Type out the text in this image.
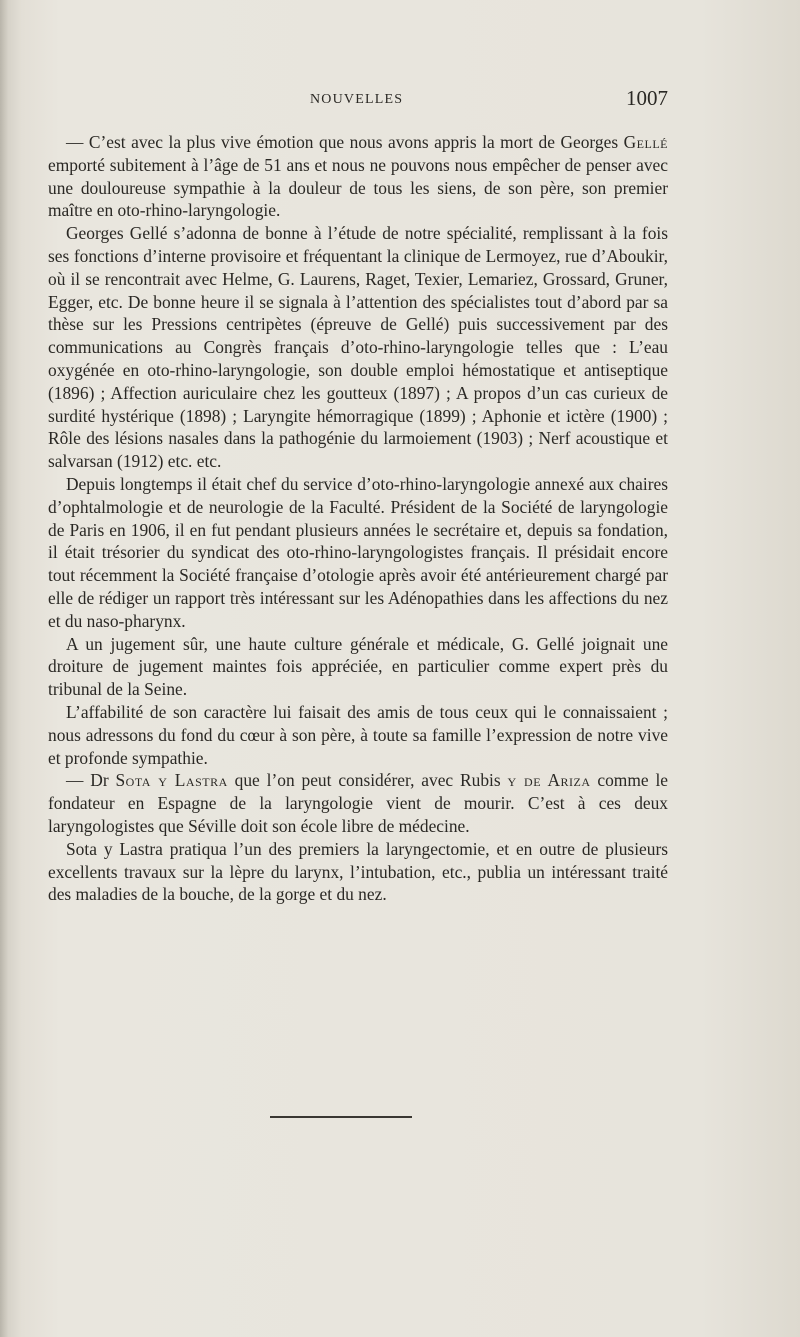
NOUVELLES	1007

— C’est avec la plus vive émotion que nous avons appris la mort de Georges Gellé emporté subitement à l’âge de 51 ans et nous ne pouvons nous empêcher de penser avec une douloureuse sympathie à la douleur de tous les siens, de son père, son premier maître en oto-rhino-laryngologie.

Georges Gellé s’adonna de bonne à l’étude de notre spécialité, remplissant à la fois ses fonctions d’interne provisoire et fréquentant la clinique de Lermoyez, rue d’Aboukir, où il se rencontrait avec Helme, G. Laurens, Raget, Texier, Lemariez, Grossard, Gruner, Egger, etc. De bonne heure il se signala à l’attention des spécialistes tout d’abord par sa thèse sur les Pressions centripètes (épreuve de Gellé) puis successivement par des communications au Congrès français d’oto-rhino-laryngologie telles que : L’eau oxygénée en oto-rhino-laryngologie, son double emploi hémostatique et antiseptique (1896) ; Affection auriculaire chez les goutteux (1897) ; A propos d’un cas curieux de surdité hystérique (1898) ; Laryngite hémorragique (1899) ; Aphonie et ictère (1900) ; Rôle des lésions nasales dans la pathogénie du larmoiement (1903) ; Nerf acoustique et salvarsan (1912) etc. etc.

Depuis longtemps il était chef du service d’oto-rhino-laryngologie annexé aux chaires d’ophtalmologie et de neurologie de la Faculté. Président de la Société de laryngologie de Paris en 1906, il en fut pendant plusieurs années le secrétaire et, depuis sa fondation, il était trésorier du syndicat des oto-rhino-laryngologistes français. Il présidait encore tout récemment la Société française d’otologie après avoir été antérieurement chargé par elle de rédiger un rapport très intéressant sur les Adénopathies dans les affections du nez et du naso-pharynx.

A un jugement sûr, une haute culture générale et médicale, G. Gellé joignait une droiture de jugement maintes fois appréciée, en particulier comme expert près du tribunal de la Seine.

L’affabilité de son caractère lui faisait des amis de tous ceux qui le connaissaient ; nous adressons du fond du cœur à son père, à toute sa famille l’expression de notre vive et profonde sympathie.

— Dr Sota y Lastra que l’on peut considérer, avec Rubis y de Ariza comme le fondateur en Espagne de la laryngologie vient de mourir. C’est à ces deux laryngologistes que Séville doit son école libre de médecine.

Sota y Lastra pratiqua l’un des premiers la laryngectomie, et en outre de plusieurs excellents travaux sur la lèpre du larynx, l’intubation, etc., publia un intéressant traité des maladies de la bouche, de la gorge et du nez.
